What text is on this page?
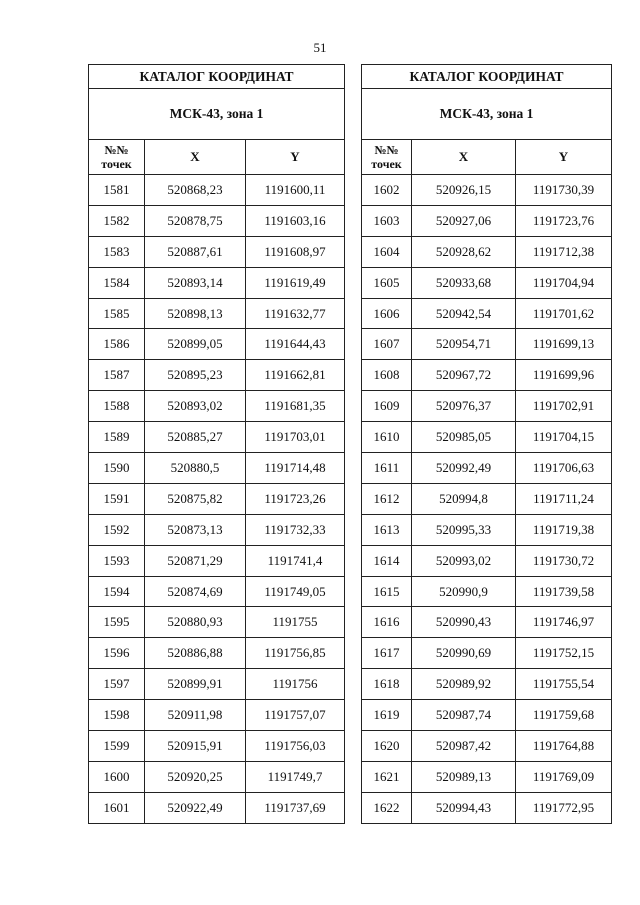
51
КАТАЛОГ КООРДИНАТ		
МСК-43, зона 1		

№№
точек	X	Y
1581	520868,23	1191600,11
1582	520878,75	1191603,16
1583	520887,61	1191608,97
1584	520893,14	1191619,49
1585	520898,13	1191632,77
1586	520899,05	1191644,43
1587	520895,23	1191662,81
1588	520893,02	1191681,35
1589	520885,27	1191703,01
1590	520880,5	1191714,48
1591	520875,82	1191723,26
1592	520873,13	1191732,33
1593	520871,29	1191741,4
1594	520874,69	1191749,05
1595	520880,93	1191755
1596	520886,88	1191756,85
1597	520899,91	1191756
1598	520911,98	1191757,07
1599	520915,91	1191756,03
1600	520920,25	1191749,7
1601	520922,49	1191737,69
КАТАЛОГ КООРДИНАТ		
МСК-43, зона 1		

№№
точек	X	Y
1602	520926,15	1191730,39
1603	520927,06	1191723,76
1604	520928,62	1191712,38
1605	520933,68	1191704,94
1606	520942,54	1191701,62
1607	520954,71	1191699,13
1608	520967,72	1191699,96
1609	520976,37	1191702,91
1610	520985,05	1191704,15
1611	520992,49	1191706,63
1612	520994,8	1191711,24
1613	520995,33	1191719,38
1614	520993,02	1191730,72
1615	520990,9	1191739,58
1616	520990,43	1191746,97
1617	520990,69	1191752,15
1618	520989,92	1191755,54
1619	520987,74	1191759,68
1620	520987,42	1191764,88
1621	520989,13	1191769,09
1622	520994,43	1191772,95
